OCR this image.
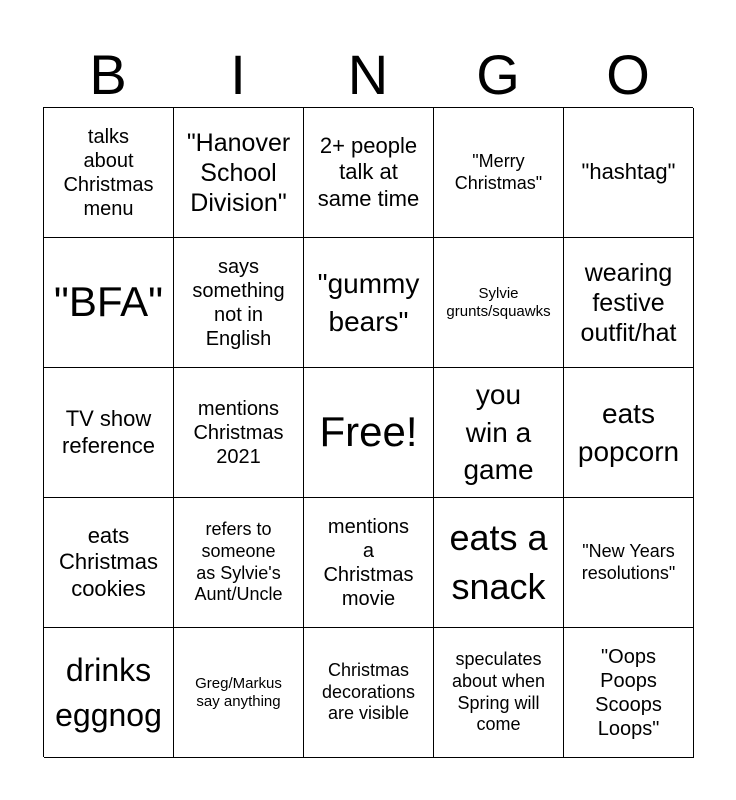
B	I	N	G	O
talks
about
Christmas
menu
"Hanover
School
Division"
2+ people
talk at
same time
"Merry
Christmas" "hashtag"
"BFA"
says
something
not in
English
"gummy
bears"
Sylvie
grunts/squawks
wearing
festive
outfit/hat
TV show
reference
mentions
Christmas
2021
Free!
you
win a
game
eats
popcorn
eats
Christmas
cookies
refers to
someone
as Sylvie's
Aunt/Uncle
mentions
a
Christmas
movie
eats a
snack
"New Years
resolutions"
drinks
eggnog
Greg/Markus
say anything
Christmas
decorations
are visible
speculates
about when
Spring will
come
"Oops
Poops
Scoops
Loops"
